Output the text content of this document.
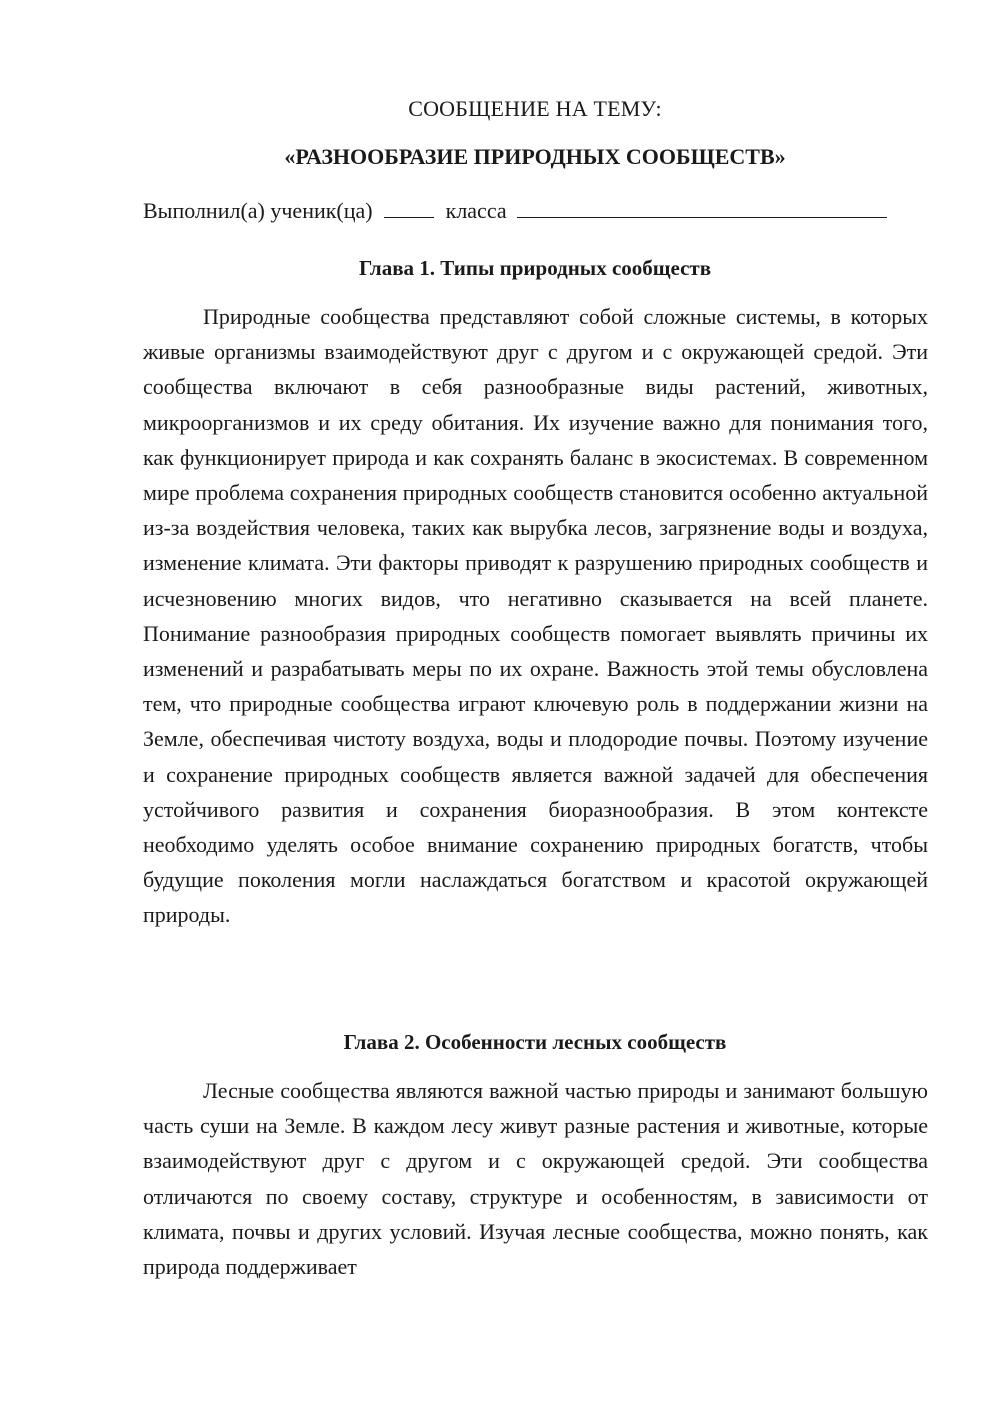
СООБЩЕНИЕ НА ТЕМУ:
«РАЗНООБРАЗИЕ ПРИРОДНЫХ СООБЩЕСТВ»
Выполнил(а) ученик(ца)	класса
Глава 1. Типы природных сообществ
Природные сообщества представляют собой сложные системы, в которых живые организмы взаимодействуют друг с другом и с окружающей средой. Эти сообщества включают в себя разнообразные виды растений, животных, микроорганизмов и их среду обитания. Их изучение важно для понимания того, как функционирует природа и как сохранять баланс в экосистемах. В современном мире проблема сохранения природных сообществ становится особенно актуальной из-за воздействия человека, таких как вырубка лесов, загрязнение воды и воздуха, изменение климата. Эти факторы приводят к разрушению природных сообществ и исчезновению многих видов, что негативно сказывается на всей планете. Понимание разнообразия природных сообществ помогает выявлять причины их изменений и разрабатывать меры по их охране. Важность этой темы обусловлена тем, что природные сообщества играют ключевую роль в поддержании жизни на Земле, обеспечивая чистоту воздуха, воды и плодородие почвы. Поэтому изучение и сохранение природных сообществ является важной задачей для обеспечения устойчивого развития и сохранения биоразнообразия. В этом контексте необходимо уделять особое внимание сохранению природных богатств, чтобы будущие поколения могли наслаждаться богатством и красотой окружающей природы.
Глава 2. Особенности лесных сообществ
Лесные сообщества являются важной частью природы и занимают большую часть суши на Земле. В каждом лесу живут разные растения и животные, которые взаимодействуют друг с другом и с окружающей средой. Эти сообщества отличаются по своему составу, структуре и особенностям, в зависимости от климата, почвы и других условий. Изучая лесные сообщества, можно понять, как природа поддерживает
